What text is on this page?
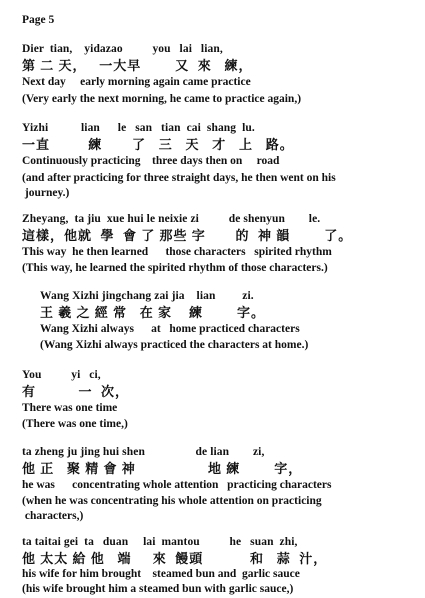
Page 5
Dier  tian,    yidazao          you   lai   lian,
第 二 天，   一大早        又  來   練，
Next day     early morning again came practice
(Very early the next morning, he came to practice again,)
Yizhi           lian      le   san   tian  cai  shang  lu.
一直         練       了   三   天   才   上   路。
Continuously practicing    three days then on     road
(and after practicing for three straight days, he then went on his
journey.)
Zheyang,  ta jiu  xue hui le neixie zi          de shenyun        le.
這樣，他就  學  會 了 那些 字       的  神 韻        了。
This way  he then learned      those characters   spirited rhythm
(This way, he learned the spirited rhythm of those characters.)
Wang Xizhi jingchang zai jia    lian         zi.
王 羲 之 經 常   在 家    練        字。
Wang Xizhi always      at   home practiced characters
(Wang Xizhi always practiced the characters at home.)
You          yi   ci,
有          一  次，
There was one time
(There was one time,)
ta zheng ju jing hui shen                 de lian        zi,
他 正   聚 精 會 神                 地 練        字，
he was      concentrating whole attention   practicing characters
(when he was concentrating his whole attention on practicing
characters,)
ta taitai gei  ta   duan     lai  mantou          he   suan  zhi,
他 太太 給 他   端     來  饅頭           和   蒜  汁，
his wife for him brought    steamed bun and  garlic sauce
(his wife brought him a steamed bun with garlic sauce,)
